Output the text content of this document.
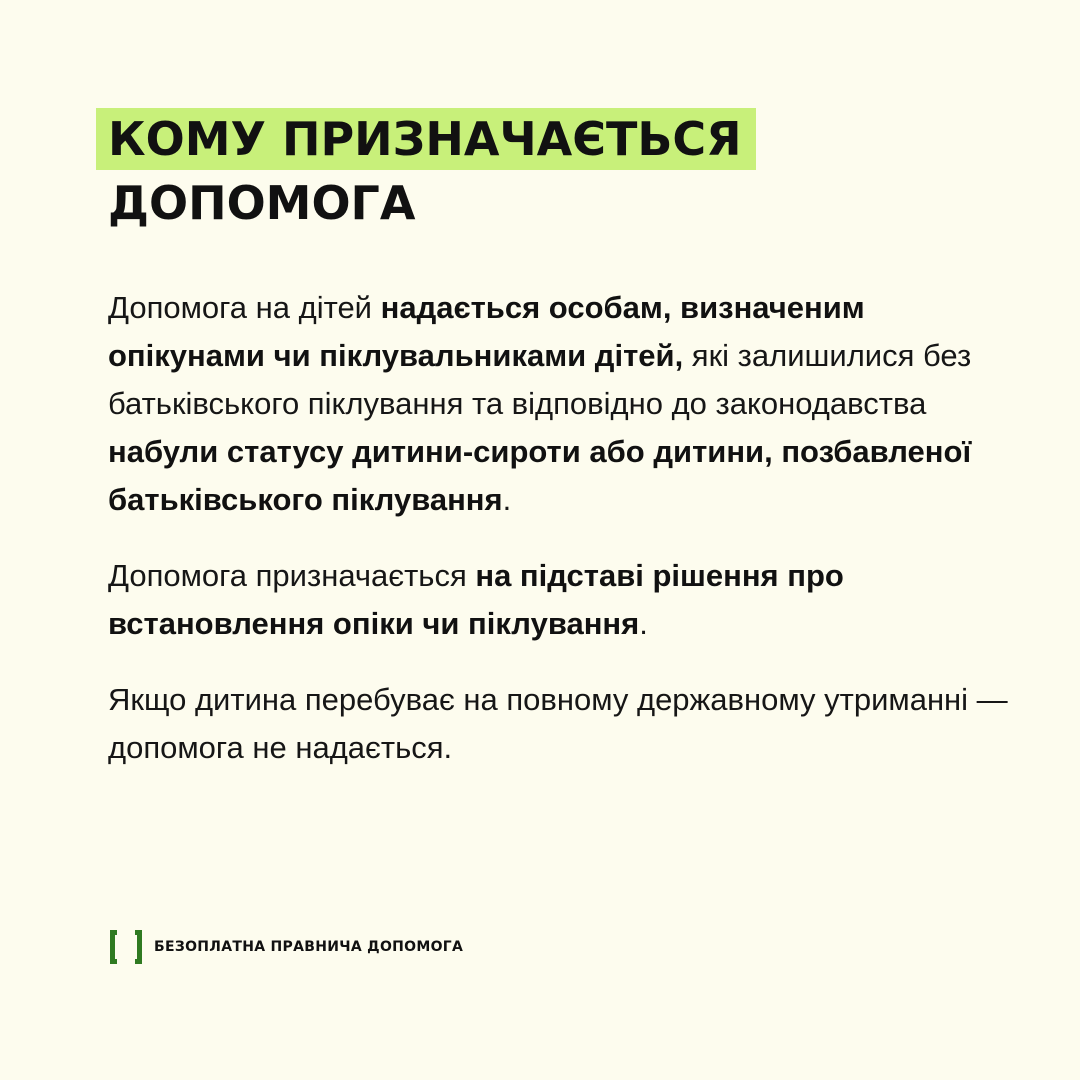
КОМУ ПРИЗНАЧАЄТЬСЯ
ДОПОМОГА

Допомога на дітей надається особам, визначеним опікунами чи піклувальниками дітей, які залишилися без батьківського піклування та відповідно до законодавства набули статусу дитини-сироти або дитини, позбавленої батьківського піклування.

Допомога призначається на підставі рішення про встановлення опіки чи піклування.

Якщо дитина перебуває на повному державному утриманні — допомога не надається.

БЕЗОПЛАТНА ПРАВНИЧА ДОПОМОГА
